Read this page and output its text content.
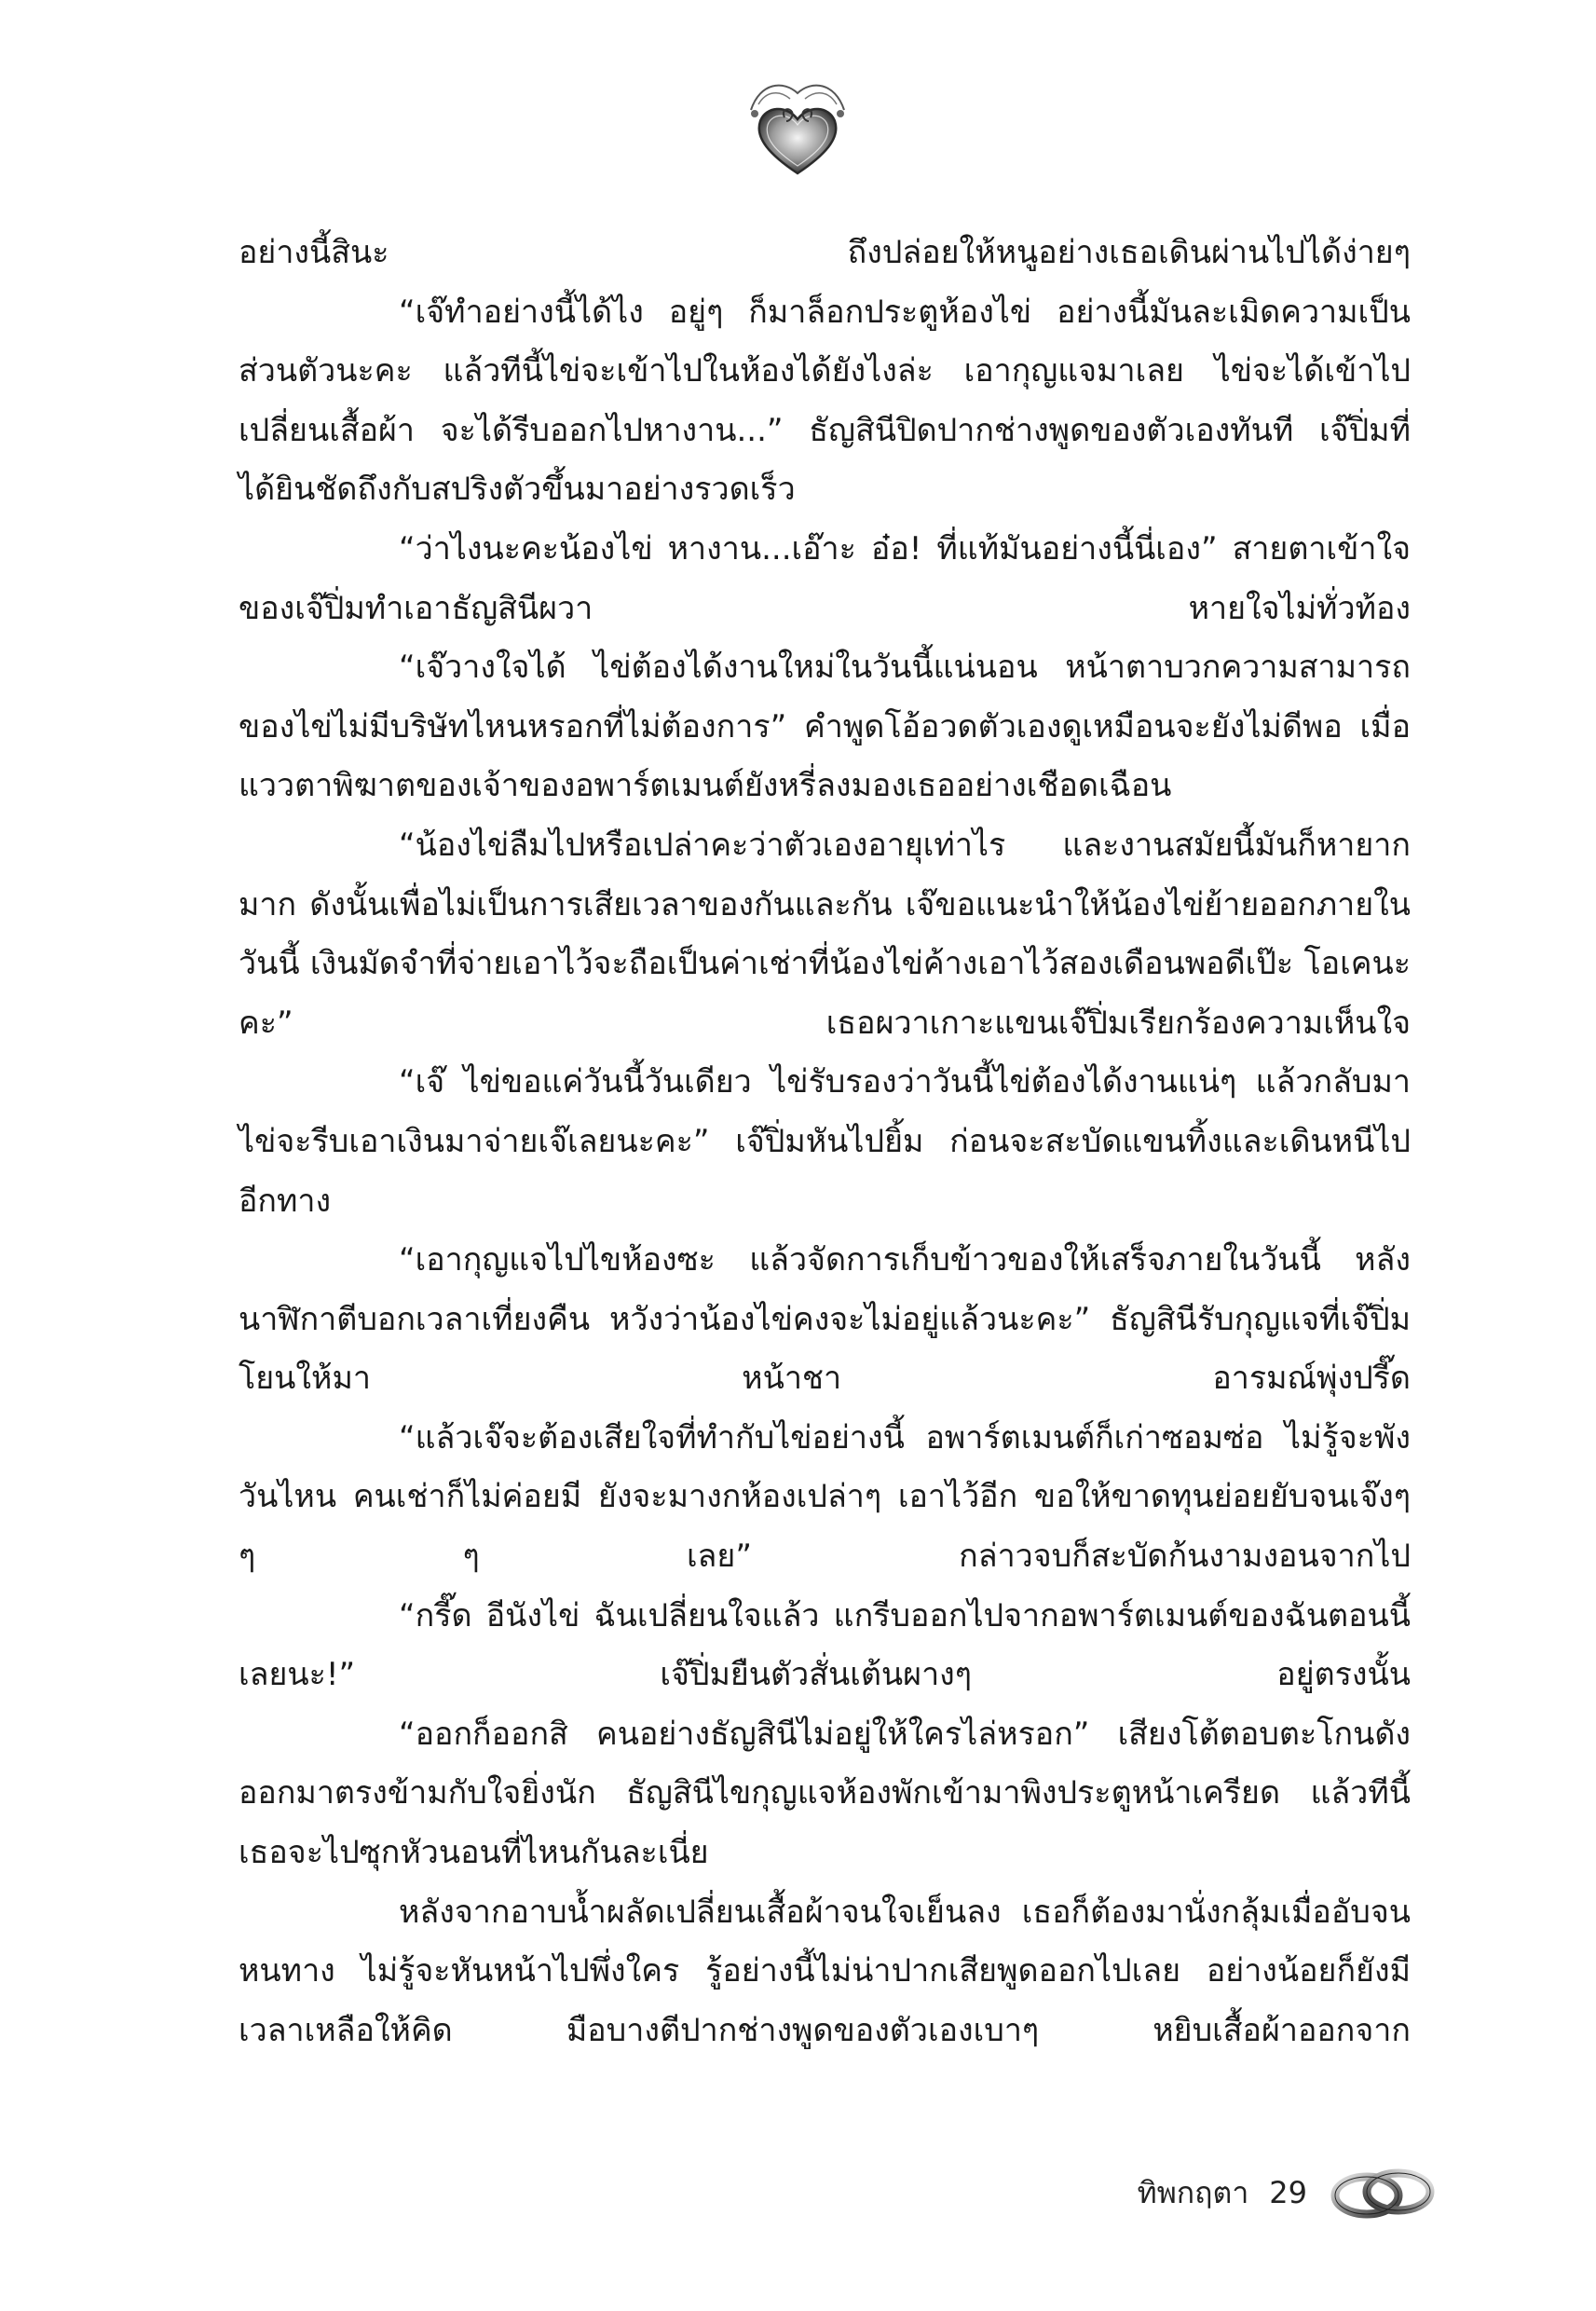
อย่างนี้สินะ ถึงปล่อยให้หนูอย่างเธอเดินผ่านไปได้ง่ายๆ

“เจ๊ทำอย่างนี้ได้ไง อยู่ๆ ก็มาล็อกประตูห้องไข่ อย่างนี้มันละเมิดความเป็นส่วนตัวนะคะ แล้วทีนี้ไข่จะเข้าไปในห้องได้ยังไงล่ะ เอากุญแจมาเลย ไข่จะได้เข้าไปเปลี่ยนเสื้อผ้า จะได้รีบออกไปหางาน...” ธัญสินีปิดปากช่างพูดของตัวเองทันที เจ๊ปิ่มที่ได้ยินชัดถึงกับสปริงตัวขึ้นมาอย่างรวดเร็ว

“ว่าไงนะคะน้องไข่ หางาน...เอ๊าะ อ๋อ! ที่แท้มันอย่างนี้นี่เอง” สายตาเข้าใจของเจ๊ปิ่มทำเอาธัญสินีผวา หายใจไม่ทั่วท้อง

“เจ๊วางใจได้ ไข่ต้องได้งานใหม่ในวันนี้แน่นอน หน้าตาบวกความสามารถของไข่ไม่มีบริษัทไหนหรอกที่ไม่ต้องการ” คำพูดโอ้อวดตัวเองดูเหมือนจะยังไม่ดีพอ เมื่อแววตาพิฆาตของเจ้าของอพาร์ตเมนต์ยังหรี่ลงมองเธออย่างเชือดเฉือน

“น้องไข่ลืมไปหรือเปล่าคะว่าตัวเองอายุเท่าไร และงานสมัยนี้มันก็หายากมาก ดังนั้นเพื่อไม่เป็นการเสียเวลาของกันและกัน เจ๊ขอแนะนำให้น้องไข่ย้ายออกภายในวันนี้ เงินมัดจำที่จ่ายเอาไว้จะถือเป็นค่าเช่าที่น้องไข่ค้างเอาไว้สองเดือนพอดีเป๊ะ โอเคนะคะ” เธอผวาเกาะแขนเจ๊ปิ่มเรียกร้องความเห็นใจ

“เจ๊ ไข่ขอแค่วันนี้วันเดียว ไข่รับรองว่าวันนี้ไข่ต้องได้งานแน่ๆ แล้วกลับมาไข่จะรีบเอาเงินมาจ่ายเจ๊เลยนะคะ” เจ๊ปิ่มหันไปยิ้ม ก่อนจะสะบัดแขนทิ้งและเดินหนีไปอีกทาง

“เอากุญแจไปไขห้องซะ แล้วจัดการเก็บข้าวของให้เสร็จภายในวันนี้ หลังนาฬิกาตีบอกเวลาเที่ยงคืน หวังว่าน้องไข่คงจะไม่อยู่แล้วนะคะ” ธัญสินีรับกุญแจที่เจ๊ปิ่มโยนให้มา หน้าชา อารมณ์พุ่งปรี๊ด

“แล้วเจ๊จะต้องเสียใจที่ทำกับไข่อย่างนี้ อพาร์ตเมนต์ก็เก่าซอมซ่อ ไม่รู้จะพังวันไหน คนเช่าก็ไม่ค่อยมี ยังจะมางกห้องเปล่าๆ เอาไว้อีก ขอให้ขาดทุนย่อยยับจนเจ๊งๆ ๆ ๆ เลย” กล่าวจบก็สะบัดก้นงามงอนจากไป

“กรี๊ด อีนังไข่ ฉันเปลี่ยนใจแล้ว แกรีบออกไปจากอพาร์ตเมนต์ของฉันตอนนี้เลยนะ!” เจ๊ปิ่มยืนตัวสั่นเต้นผางๆ อยู่ตรงนั้น

“ออกก็ออกสิ คนอย่างธัญสินีไม่อยู่ให้ใครไล่หรอก” เสียงโต้ตอบตะโกนดังออกมาตรงข้ามกับใจยิ่งนัก ธัญสินีไขกุญแจห้องพักเข้ามาพิงประตูหน้าเครียด แล้วทีนี้เธอจะไปซุกหัวนอนที่ไหนกันละเนี่ย

หลังจากอาบน้ำผลัดเปลี่ยนเสื้อผ้าจนใจเย็นลง เธอก็ต้องมานั่งกลุ้มเมื่ออับจนหนทาง ไม่รู้จะหันหน้าไปพึ่งใคร รู้อย่างนี้ไม่น่าปากเสียพูดออกไปเลย อย่างน้อยก็ยังมีเวลาเหลือให้คิด มือบางตีปากช่างพูดของตัวเองเบาๆ หยิบเสื้อผ้าออกจาก

ทิพกฤตา 29
